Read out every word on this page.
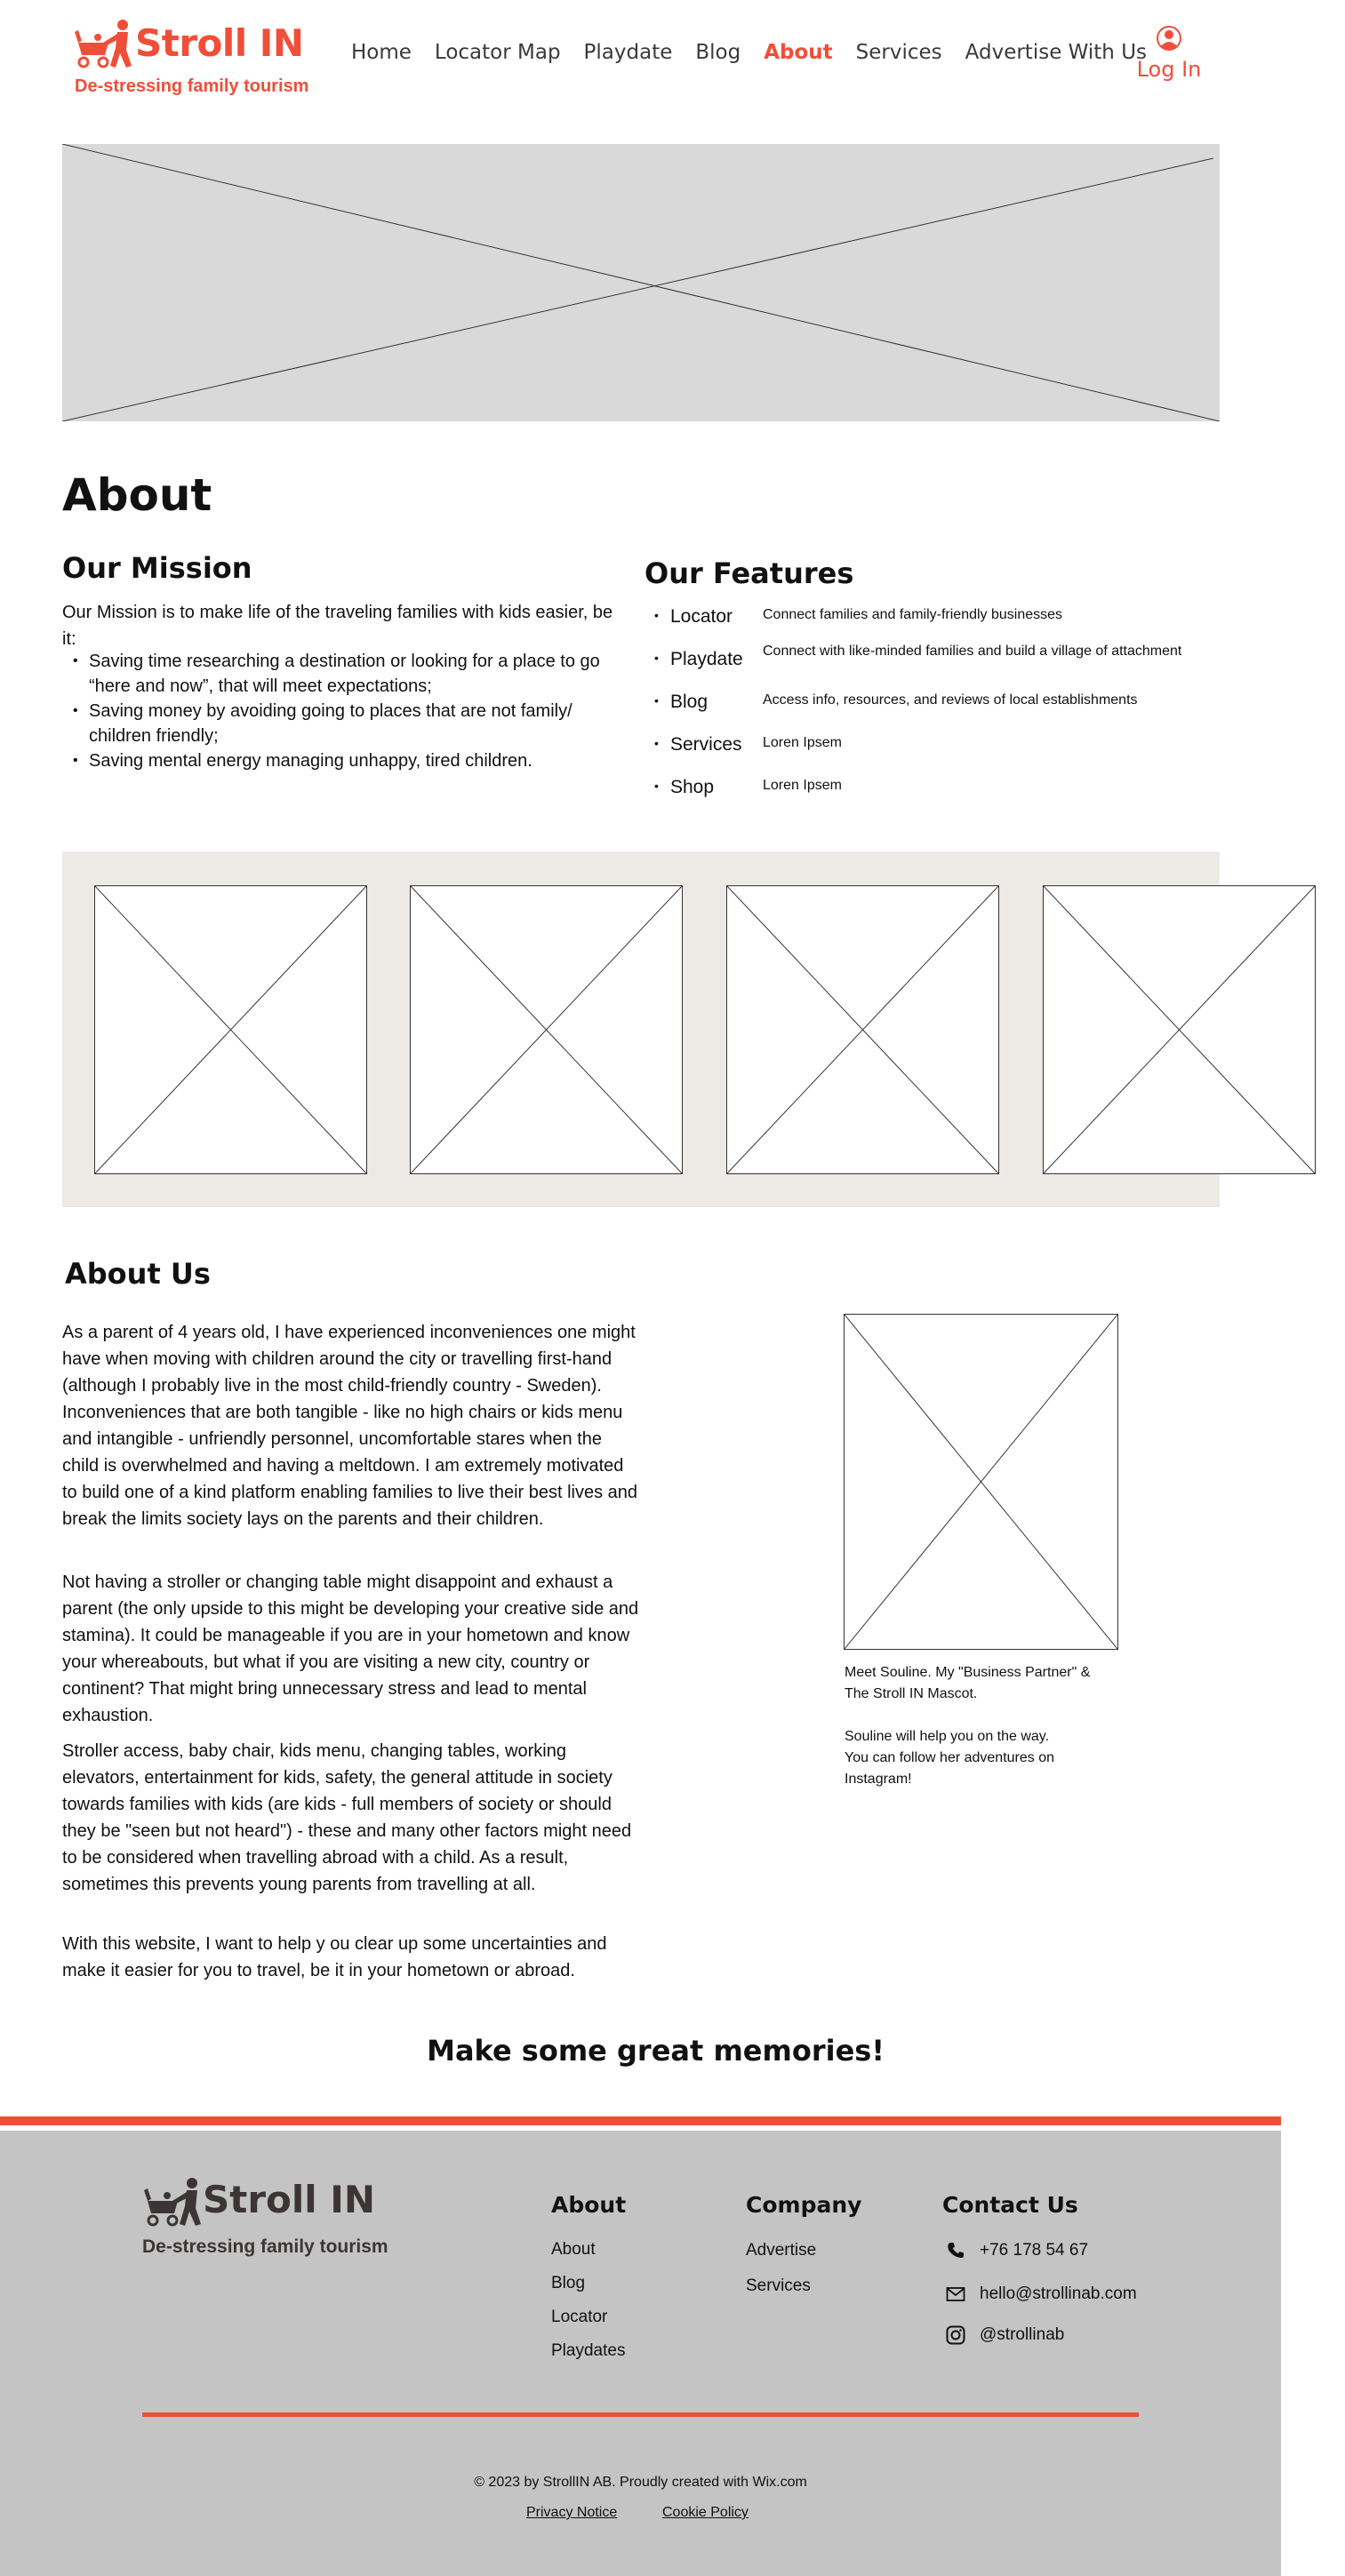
Stroll IN
De-stressing family tourism
Home Locator Map Playdate Blog About Services Advertise With Us
Log In
About
Our Mission

Our Mission is to make life of the traveling families with kids easier, be it:

• Saving time researching a destination or looking for a place to go “here and now”, that will meet expectations;
• Saving money by avoiding going to places that are not family/ children friendly;
• Saving mental energy managing unhappy, tired children.
Our Features
• Locator Connect families and family-friendly businesses
• Playdate Connect with like-minded families and build a village of attachment
• Blog	Access info, resources, and reviews of local establishments
• Services Loren Ipsem
• Shop	Loren Ipsem
About Us

As a parent of 4 years old, I have experienced inconveniences one might have when moving with children around the city or travelling first-hand (although I probably live in the most child-friendly country - Sweden). Inconveniences that are both tangible - like no high chairs or kids menu and intangible - unfriendly personnel, uncomfortable stares when the child is overwhelmed and having a meltdown. I am extremely motivated to build one of a kind platform enabling families to live their best lives and break the limits society lays on the parents and their children.

Not having a stroller or changing table might disappoint and exhaust a parent (the only upside to this might be developing your creative side and stamina). It could be manageable if you are in your hometown and know your whereabouts, but what if you are visiting a new city, country or continent? That might bring unnecessary stress and lead to mental exhaustion.

Stroller access, baby chair, kids menu, changing tables, working elevators, entertainment for kids, safety, the general attitude in society towards families with kids (are kids - full members of society or should they be "seen but not heard") - these and many other factors might need to be considered when travelling abroad with a child. As a result, sometimes this prevents young parents from travelling at all.

With this website, I want to help y ou clear up some uncertainties and make it easier for you to travel, be it in your hometown or abroad.

Meet Souline. My "Business Partner" & The Stroll IN Mascot.

Souline will help you on the way. You can follow her adventures on Instagram!

Make some great memories!
Stroll IN
De-stressing family tourism
About
About
Blog
Locator
Playdates
Company
Advertise
Services
Contact Us
+76 178 54 67
hello@strollinab.com
@strollinab
© 2023 by StrollIN AB. Proudly created with Wix.com
Privacy Notice	Cookie Policy
